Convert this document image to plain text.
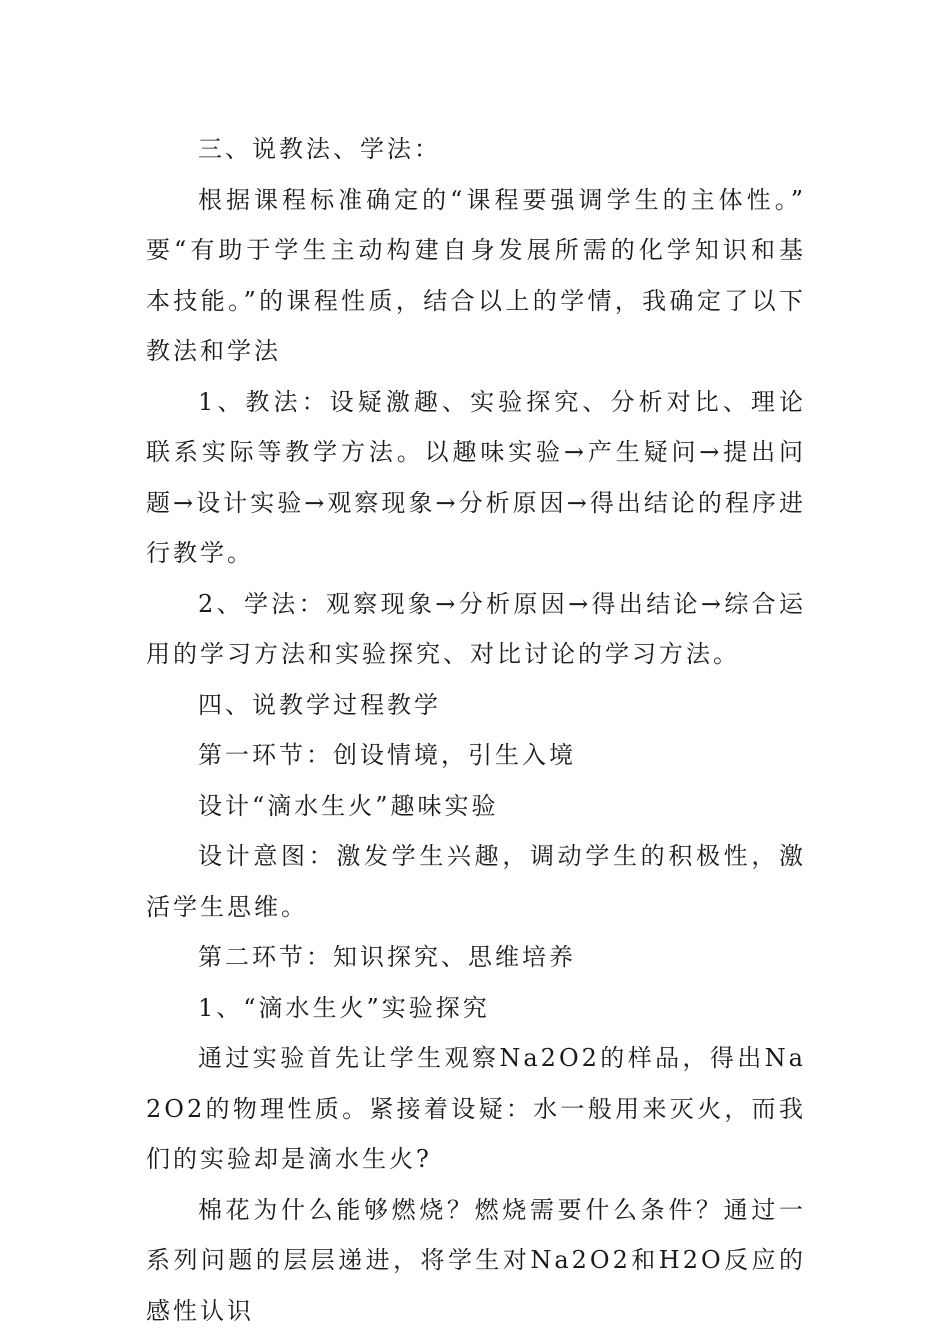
三、说教法、学法：

根据课程标准确定的“课程要强调学生的主体性。”要“有助于学生主动构建自身发展所需的化学知识和基本技能。”的课程性质，结合以上的学情，我确定了以下教法和学法

1、教法：设疑激趣、实验探究、分析对比、理论联系实际等教学方法。以趣味实验→产生疑问→提出问题→设计实验→观察现象→分析原因→得出结论的程序进行教学。

2、学法：观察现象→分析原因→得出结论→综合运用的学习方法和实验探究、对比讨论的学习方法。

四、说教学过程教学

第一环节：创设情境，引生入境

设计“滴水生火”趣味实验

设计意图：激发学生兴趣，调动学生的积极性，激活学生思维。

第二环节：知识探究、思维培养

1、“滴水生火”实验探究

通过实验首先让学生观察Na2O2的样品，得出Na2O2的物理性质。紧接着设疑：水一般用来灭火，而我们的实验却是滴水生火?

棉花为什么能够燃烧？燃烧需要什么条件？通过一系列问题的层层递进，将学生对Na2O2和H2O反应的感性认识
